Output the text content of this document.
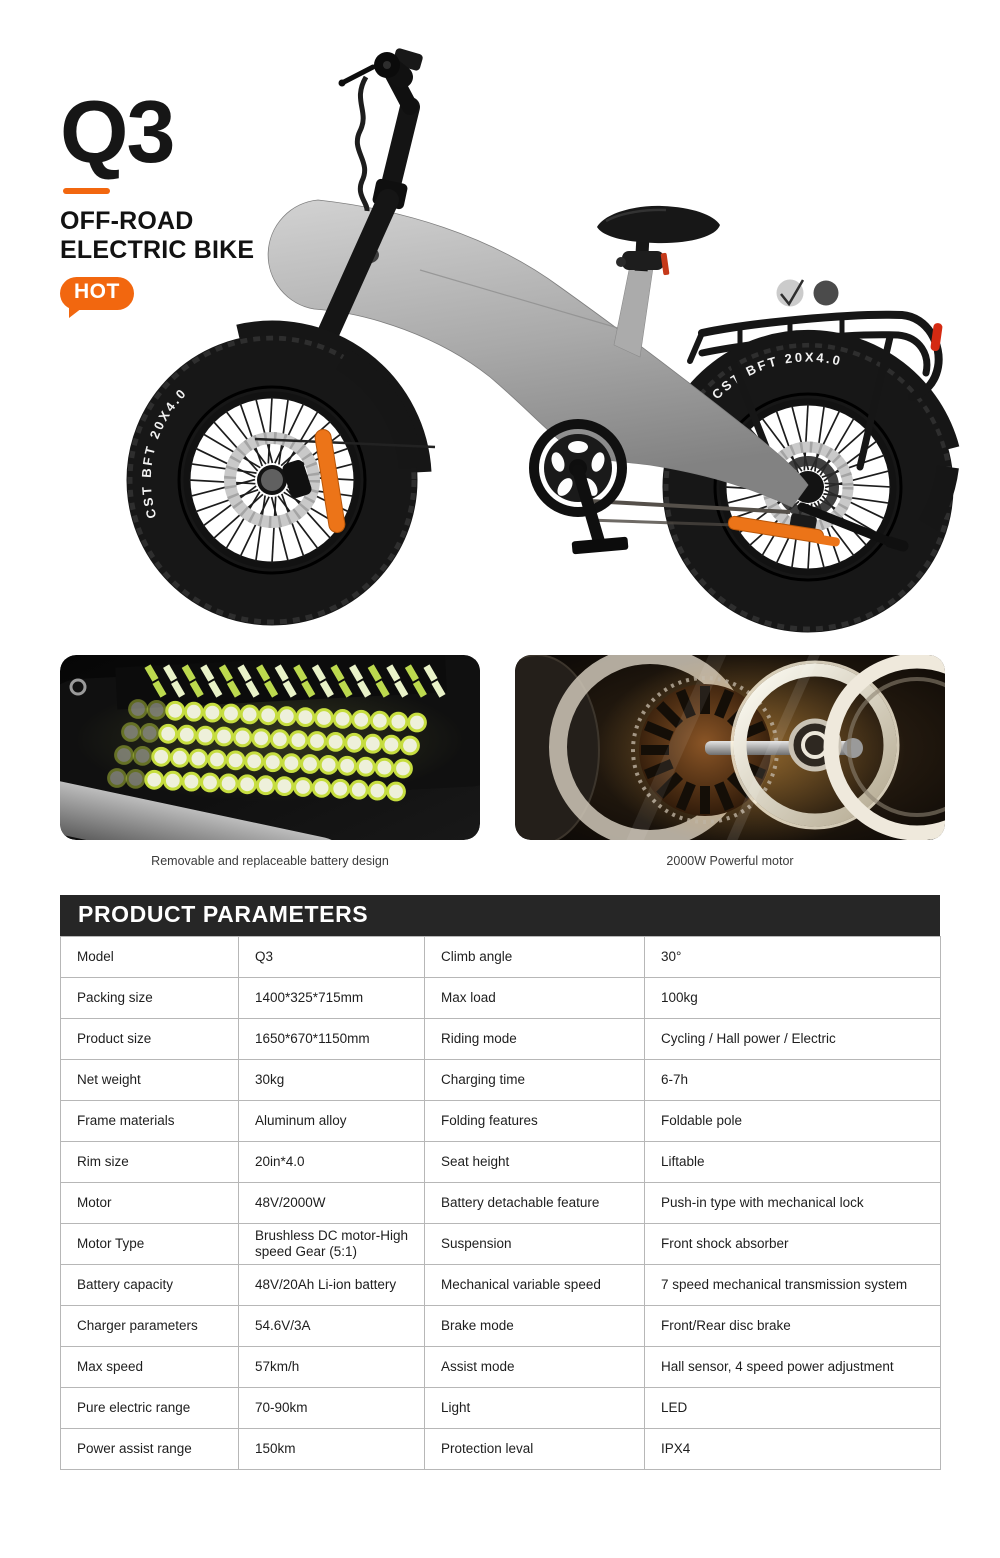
Q3
OFF-ROAD
ELECTRIC BIKE
HOT
CST BFT 20X4.0
CST BFT 20X4.0
Removable and replaceable battery design	2000W Powerful motor
PRODUCT PARAMETERS
Model	Q3	Climb angle	30°
Packing size	1400*325*715mm	Max load	100kg
Product size	1650*670*1150mm	Riding mode	Cycling / Hall power / Electric
Net weight	30kg	Charging time	6-7h
Frame materials	Aluminum alloy	Folding features	Foldable pole
Rim size	20in*4.0	Seat height	Liftable
Motor	48V/2000W	Battery detachable feature	Push-in type with mechanical lock
Motor Type	Brushless DC motor-High speed Gear (5:1)	Suspension	Front shock absorber
Battery capacity	48V/20Ah Li-ion battery	Mechanical variable speed	7 speed mechanical transmission system
Charger parameters	54.6V/3A	Brake mode	Front/Rear disc brake
Max speed	57km/h	Assist mode	Hall sensor, 4 speed power adjustment
Pure electric range	70-90km	Light	LED
Power assist range	150km	Protection leval	IPX4
